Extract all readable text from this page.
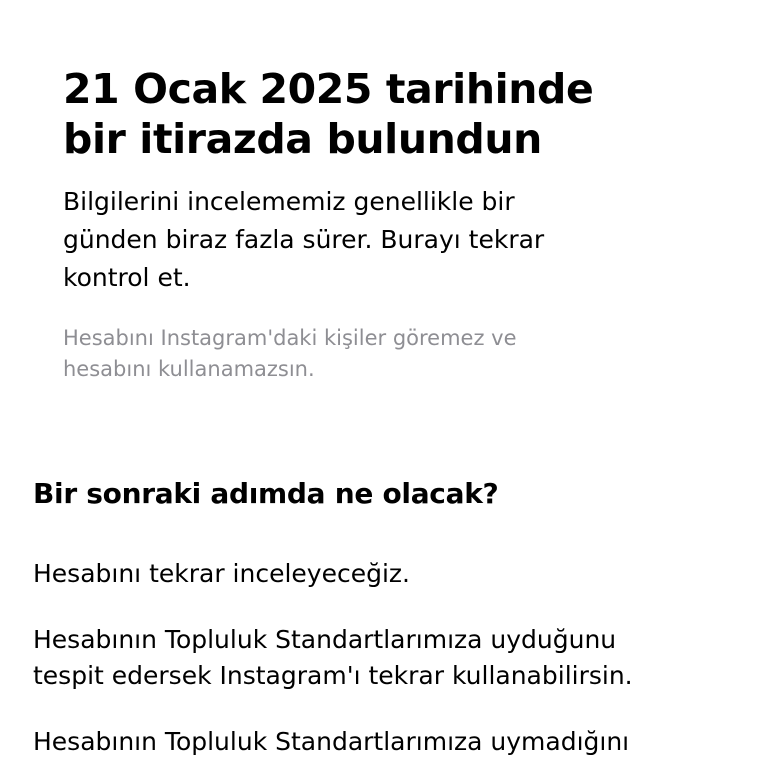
21 Ocak 2025 tarihinde
bir itirazda bulundun

Bilgilerini incelememiz genellikle bir
günden biraz fazla sürer. Burayı tekrar
kontrol et.

Hesabını Instagram'daki kişiler göremez ve
hesabını kullanamazsın.

Bir sonraki adımda ne olacak?
Hesabını tekrar inceleyeceğiz.
Hesabının Topluluk Standartlarımıza uyduğunu
tespit edersek Instagram'ı tekrar kullanabilirsin.
Hesabının Topluluk Standartlarımıza uymadığını
